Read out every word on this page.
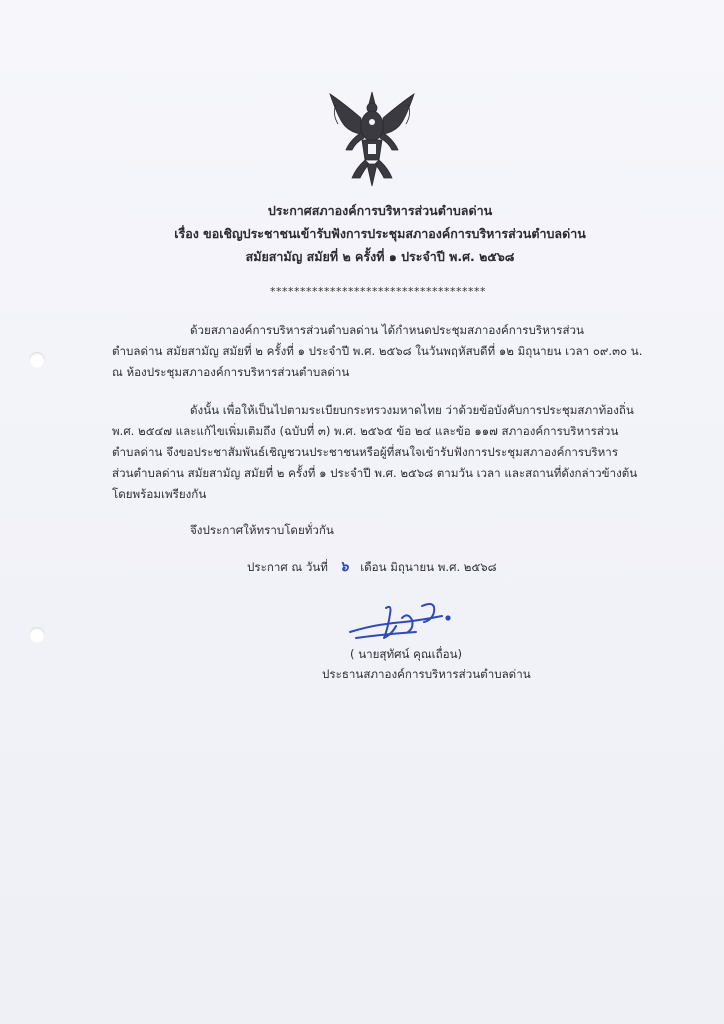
ประกาศสภาองค์การบริหารส่วนตำบลด่าน
เรื่อง ขอเชิญประชาชนเข้ารับฟังการประชุมสภาองค์การบริหารส่วนตำบลด่าน
สมัยสามัญ สมัยที่ ๒ ครั้งที่ ๑ ประจำปี พ.ศ. ๒๕๖๘
************************************
ด้วยสภาองค์การบริหารส่วนตำบลด่าน ได้กำหนดประชุมสภาองค์การบริหารส่วน
ตำบลด่าน สมัยสามัญ สมัยที่ ๒ ครั้งที่ ๑ ประจำปี พ.ศ. ๒๕๖๘ ในวันพฤหัสบดีที่ ๑๒ มิถุนายน เวลา ๐๙.๓๐ น.
ณ ห้องประชุมสภาองค์การบริหารส่วนตำบลด่าน
ดังนั้น เพื่อให้เป็นไปตามระเบียบกระทรวงมหาดไทย ว่าด้วยข้อบังคับการประชุมสภาท้องถิ่น
พ.ศ. ๒๕๔๗ และแก้ไขเพิ่มเติมถึง (ฉบับที่ ๓) พ.ศ. ๒๕๖๕ ข้อ ๒๔ และข้อ ๑๑๗ สภาองค์การบริหารส่วน
ตำบลด่าน จึงขอประชาสัมพันธ์เชิญชวนประชาชนหรือผู้ที่สนใจเข้ารับฟังการประชุมสภาองค์การบริหาร
ส่วนตำบลด่าน สมัยสามัญ สมัยที่ ๒ ครั้งที่ ๑ ประจำปี พ.ศ. ๒๕๖๘ ตามวัน เวลา และสถานที่ดังกล่าวข้างต้น
โดยพร้อมเพรียงกัน
จึงประกาศให้ทราบโดยทั่วกัน
ประกาศ ณ วันที่ ๖ เดือน มิถุนายน พ.ศ. ๒๕๖๘
( นายสุทัศน์ คุณเถื่อน)
ประธานสภาองค์การบริหารส่วนตำบลด่าน
